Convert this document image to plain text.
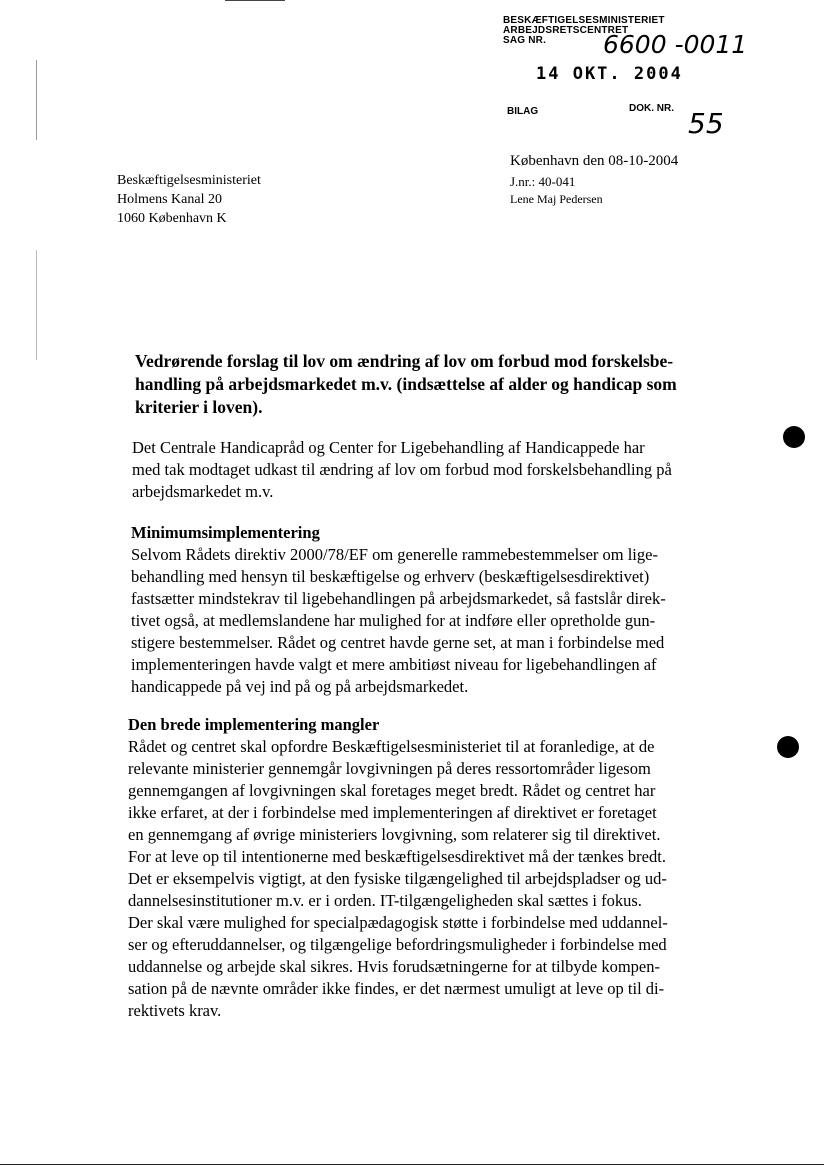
BESKÆFTIGELSESMINISTERIET
ARBEJDSRETSCENTRET
SAG NR. 6600 -0011
14 OKT. 2004
BILAG	DOK. NR. 55
Beskæftigelsesministeriet
Holmens Kanal 20
1060 København K
København den 08-10-2004
J.nr.: 40-041
Lene Maj Pedersen
Vedrørende forslag til lov om ændring af lov om forbud mod forskelsbe-
handling på arbejdsmarkedet m.v. (indsættelse af alder og handicap som
kriterier i loven).
Det Centrale Handicapråd og Center for Ligebehandling af Handicappede har
med tak modtaget udkast til ændring af lov om forbud mod forskelsbehandling på
arbejdsmarkedet m.v.
Minimumsimplementering
Selvom Rådets direktiv 2000/78/EF om generelle rammebestemmelser om lige-
behandling med hensyn til beskæftigelse og erhverv (beskæftigelsesdirektivet)
fastsætter mindstekrav til ligebehandlingen på arbejdsmarkedet, så fastslår direk-
tivet også, at medlemslandene har mulighed for at indføre eller opretholde gun-
stigere bestemmelser. Rådet og centret havde gerne set, at man i forbindelse med
implementeringen havde valgt et mere ambitiøst niveau for ligebehandlingen af
handicappede på vej ind på og på arbejdsmarkedet.
Den brede implementering mangler
Rådet og centret skal opfordre Beskæftigelsesministeriet til at foranledige, at de
relevante ministerier gennemgår lovgivningen på deres ressortområder ligesom
gennemgangen af lovgivningen skal foretages meget bredt. Rådet og centret har
ikke erfaret, at der i forbindelse med implementeringen af direktivet er foretaget
en gennemgang af øvrige ministeriers lovgivning, som relaterer sig til direktivet.
For at leve op til intentionerne med beskæftigelsesdirektivet må der tænkes bredt.
Det er eksempelvis vigtigt, at den fysiske tilgængelighed til arbejdspladser og ud-
dannelsesinstitutioner m.v. er i orden. IT-tilgængeligheden skal sættes i fokus.
Der skal være mulighed for specialpædagogisk støtte i forbindelse med uddannel-
ser og efteruddannelser, og tilgængelige befordringsmuligheder i forbindelse med
uddannelse og arbejde skal sikres. Hvis forudsætningerne for at tilbyde kompen-
sation på de nævnte områder ikke findes, er det nærmest umuligt at leve op til di-
rektivets krav.
